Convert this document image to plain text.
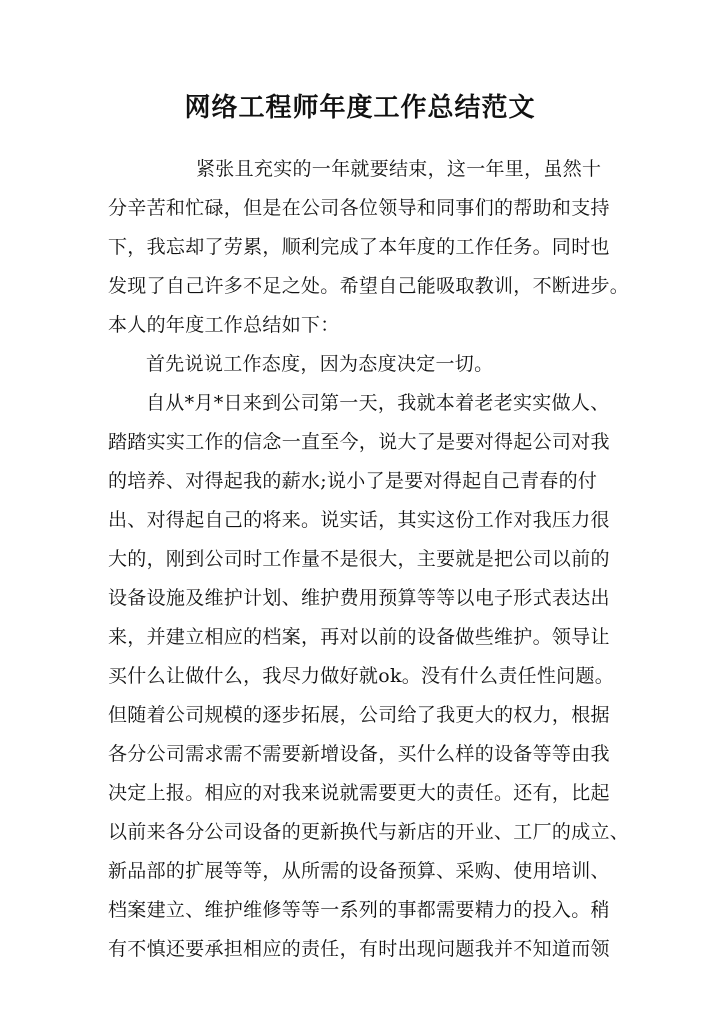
网络工程师年度工作总结范文
紧张且充实的一年就要结束，这一年里，虽然十
分辛苦和忙碌，但是在公司各位领导和同事们的帮助和支持
下，我忘却了劳累，顺利完成了本年度的工作任务。同时也
发现了自己许多不足之处。希望自己能吸取教训，不断进步。
本人的年度工作总结如下：
首先说说工作态度，因为态度决定一切。
自从*月*日来到公司第一天，我就本着老老实实做人、
踏踏实实工作的信念一直至今，说大了是要对得起公司对我
的培养、对得起我的薪水;说小了是要对得起自己青春的付
出、对得起自己的将来。说实话，其实这份工作对我压力很
大的，刚到公司时工作量不是很大，主要就是把公司以前的
设备设施及维护计划、维护费用预算等等以电子形式表达出
来，并建立相应的档案，再对以前的设备做些维护。领导让
买什么让做什么，我尽力做好就ok。没有什么责任性问题。
但随着公司规模的逐步拓展，公司给了我更大的权力，根据
各分公司需求需不需要新增设备，买什么样的设备等等由我
决定上报。相应的对我来说就需要更大的责任。还有，比起
以前来各分公司设备的更新换代与新店的开业、工厂的成立、
新品部的扩展等等，从所需的设备预算、采购、使用培训、
档案建立、维护维修等等一系列的事都需要精力的投入。稍
有不慎还要承担相应的责任，有时出现问题我并不知道而领
